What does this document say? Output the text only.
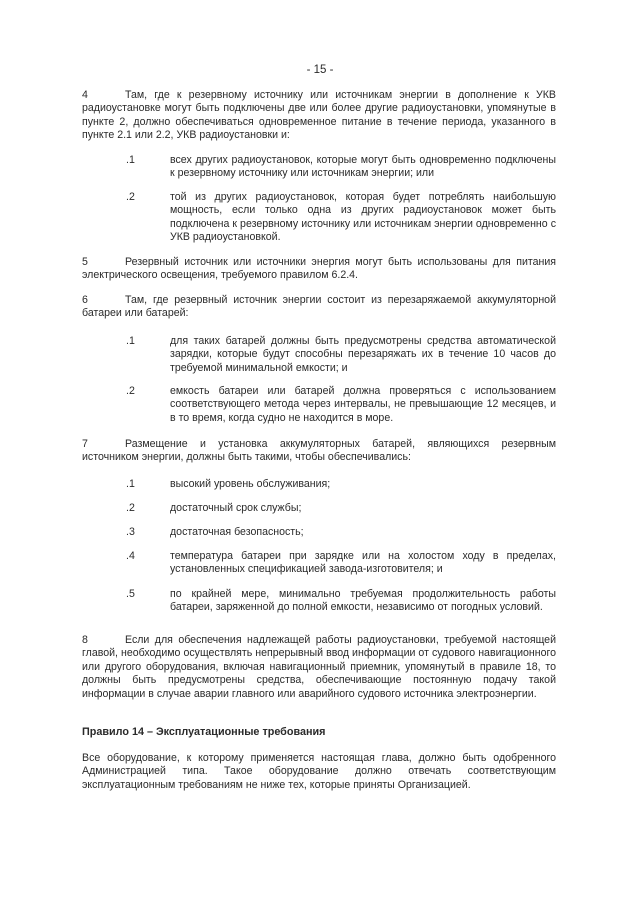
- 15 -
4	Там, где к резервному источнику или источникам энергии в дополнение к УКВ радиоустановке могут быть подключены две или более другие радиоустановки, упомянутые в пункте 2, должно обеспечиваться одновременное питание в течение периода, указанного в пункте 2.1 или 2.2, УКВ радиоустановки и:
.1	всех других радиоустановок, которые могут быть одновременно подключены к резервному источнику или источникам энергии; или
.2	той из других радиоустановок, которая будет потреблять наибольшую мощность, если только одна из других радиоустановок может быть подключена к резервному источнику или источникам энергии одновременно с УКВ радиоустановкой.
5	Резервный источник или источники энергия могут быть использованы для питания электрического освещения, требуемого правилом 6.2.4.
6	Там, где резервный источник энергии состоит из перезаряжаемой аккумуляторной батареи или батарей:
.1	для таких батарей должны быть предусмотрены средства автоматической зарядки, которые будут способны перезаряжать их в течение 10 часов до требуемой минимальной емкости; и
.2	емкость батареи или батарей должна проверяться с использованием соответствующего метода через интервалы, не превышающие 12 месяцев, и в то время, когда судно не находится в море.
7	Размещение и установка аккумуляторных батарей, являющихся резервным источником энергии, должны быть такими, чтобы обеспечивались:
.1	высокий уровень обслуживания;
.2	достаточный срок службы;
.3	достаточная безопасность;
.4	температура батареи при зарядке или на холостом ходу в пределах, установленных спецификацией завода-изготовителя; и
.5	по крайней мере, минимально требуемая продолжительность работы батареи, заряженной до полной емкости, независимо от погодных условий.
8	Если для обеспечения надлежащей работы радиоустановки, требуемой настоящей главой, необходимо осуществлять непрерывный ввод информации от судового навигационного или другого оборудования, включая навигационный приемник, упомянутый в правиле 18, то должны быть предусмотрены средства, обеспечивающие постоянную подачу такой информации в случае аварии главного или аварийного судового источника электроэнергии.
Правило 14 – Эксплуатационные требования
Все оборудование, к которому применяется настоящая глава, должно быть одобренного Администрацией типа. Такое оборудование должно отвечать соответствующим эксплуатационным требованиям не ниже тех, которые приняты Организацией.
